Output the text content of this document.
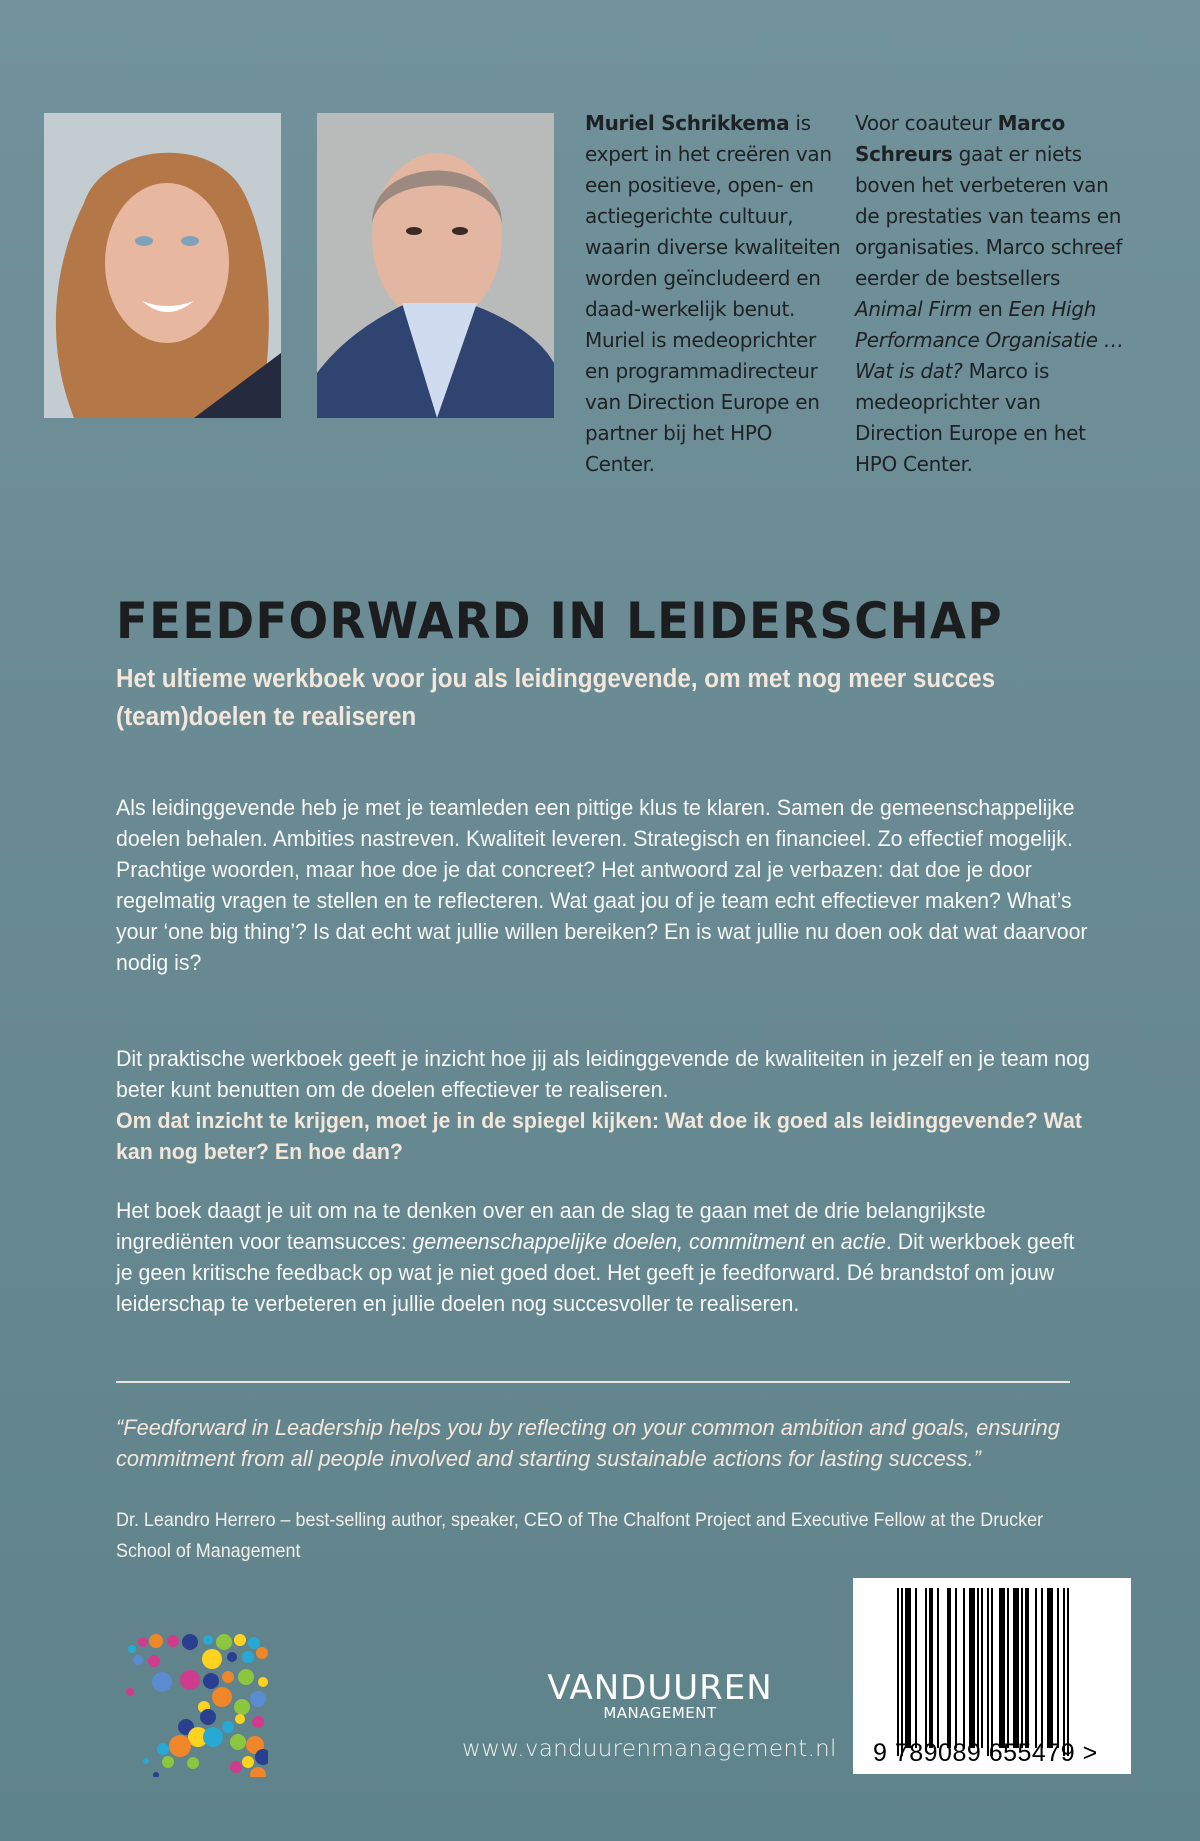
Muriel Schrikkema is expert in het creëren van een positieve, open- en actiegerichte cultuur, waarin diverse kwaliteiten worden geïncludeerd en daad-werkelijk benut. Muriel is medeoprichter en programmadirecteur van Direction Europe en partner bij het HPO Center.
Voor coauteur Marco Schreurs gaat er niets boven het verbeteren van de prestaties van teams en organisaties. Marco schreef eerder de bestsellers Animal Firm en Een High Performance Organisatie … Wat is dat? Marco is medeoprichter van Direction Europe en het HPO Center.
FEEDFORWARD IN LEIDERSCHAP
Het ultieme werkboek voor jou als leidinggevende, om met nog meer succes (team)doelen te realiseren
Als leidinggevende heb je met je teamleden een pittige klus te klaren. Samen de gemeenschappelijke doelen behalen. Ambities nastreven. Kwaliteit leveren. Strategisch en financieel. Zo effectief mogelijk.
Prachtige woorden, maar hoe doe je dat concreet? Het antwoord zal je verbazen: dat doe je door regelmatig vragen te stellen en te reflecteren. Wat gaat jou of je team echt effectiever maken? What’s your ‘one big thing’? Is dat echt wat jullie willen bereiken? En is wat jullie nu doen ook dat wat daarvoor nodig is?
Dit praktische werkboek geeft je inzicht hoe jij als leidinggevende de kwaliteiten in jezelf en je team nog beter kunt benutten om de doelen effectiever te realiseren.
Om dat inzicht te krijgen, moet je in de spiegel kijken: Wat doe ik goed als leidinggevende? Wat kan nog beter? En hoe dan?
Het boek daagt je uit om na te denken over en aan de slag te gaan met de drie belangrijkste ingrediënten voor teamsucces: gemeenschappelijke doelen, commitment en actie. Dit werkboek geeft je geen kritische feedback op wat je niet goed doet. Het geeft je feedforward. Dé brandstof om jouw leiderschap te verbeteren en jullie doelen nog succesvoller te realiseren.
“Feedforward in Leadership helps you by reflecting on your common ambition and goals, ensuring commitment from all people involved and starting sustainable actions for lasting success.”
Dr. Leandro Herrero – best-selling author, speaker, CEO of The Chalfont Project and Executive Fellow at the Drucker School of Management
VANDUUREN
MANAGEMENT
www.vanduurenmanagement.nl 9 789089 655479 >
